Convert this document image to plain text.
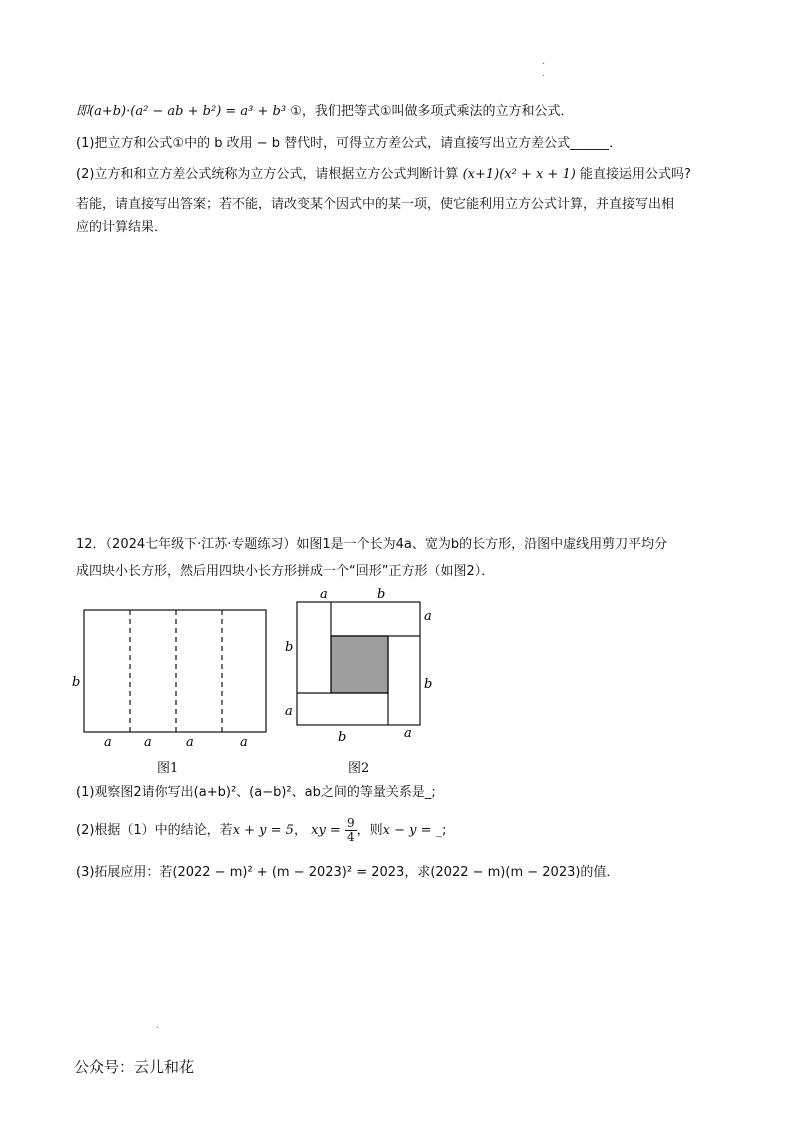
.
.
即(a+b)·(a² − ab + b²) = a³ + b³ ①，我们把等式①叫做多项式乘法的立方和公式．
(1)把立方和公式①中的 b 改用 − b 替代时，可得立方差公式，请直接写出立方差公式______．
(2)立方和和立方差公式统称为立方公式，请根据立方公式判断计算 (x+1)(x² + x + 1) 能直接运用公式吗?
若能，请直接写出答案；若不能，请改变某个因式中的某一项，使它能利用立方公式计算，并直接写出相
应的计算结果．
12．（2024七年级下·江苏·专题练习）如图1是一个长为4a、宽为b的长方形，沿图中虚线用剪刀平均分
成四块小长方形，然后用四块小长方形拼成一个“回形”正方形（如图2）．
b
a a	a	a
图1
a	b
a
b
b
a
b	a
图2
(1)观察图2请你写出(a+b)²、(a−b)²、ab之间的等量关系是_;
(2)根据（1）中的结论，若x + y = 5， xy = $\frac{9}{4}$ ，则x − y = _;
(3)拓展应用：若(2022 − m)² + (m − 2023)² = 2023，求(2022 − m)(m − 2023)的值．
.
公众号：云儿和花
